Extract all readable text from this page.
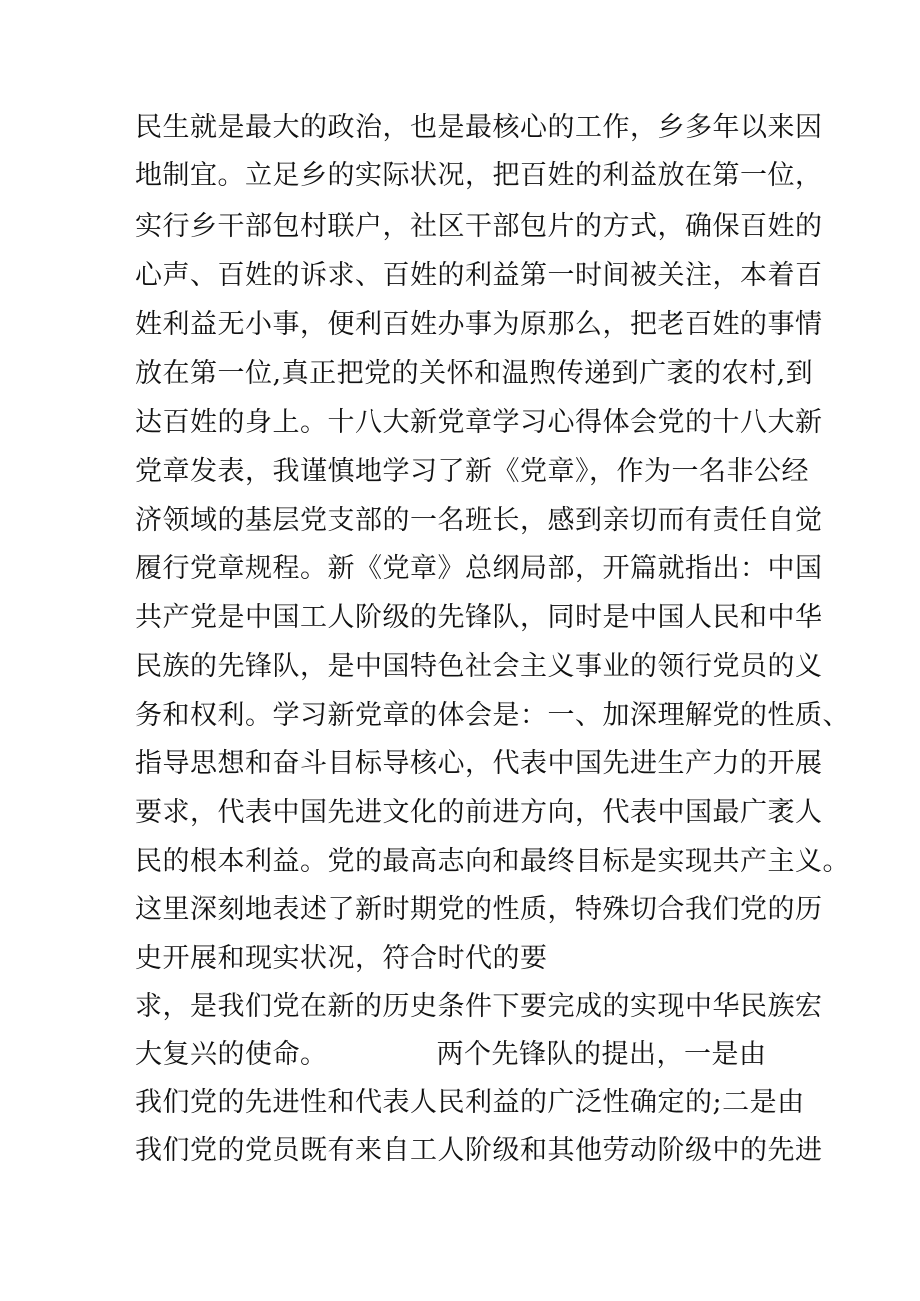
民生就是最大的政治，也是最核心的工作，乡多年以来因
地制宜。立足乡的实际状况，把百姓的利益放在第一位，
实行乡干部包村联户，社区干部包片的方式，确保百姓的
心声、百姓的诉求、百姓的利益第一时间被关注，本着百
姓利益无小事，便利百姓办事为原那么，把老百姓的事情
放在第一位,真正把党的关怀和温煦传递到广袤的农村,到
达百姓的身上。十八大新党章学习心得体会党的十八大新
党章发表，我谨慎地学习了新《党章》，作为一名非公经
济领域的基层党支部的一名班长，感到亲切而有责任自觉
履行党章规程。新《党章》总纲局部，开篇就指出：中国
共产党是中国工人阶级的先锋队，同时是中国人民和中华
民族的先锋队，是中国特色社会主义事业的领行党员的义
务和权利。学习新党章的体会是：一、加深理解党的性质、
指导思想和奋斗目标导核心，代表中国先进生产力的开展
要求，代表中国先进文化的前进方向，代表中国最广袤人
民的根本利益。党的最高志向和最终目标是实现共产主义。
这里深刻地表述了新时期党的性质，特殊切合我们党的历
史开展和现实状况，符合时代的要
求，是我们党在新的历史条件下要完成的实现中华民族宏
大复兴的使命。            两个先锋队的提出，一是由
我们党的先进性和代表人民利益的广泛性确定的;二是由
我们党的党员既有来自工人阶级和其他劳动阶级中的先进
